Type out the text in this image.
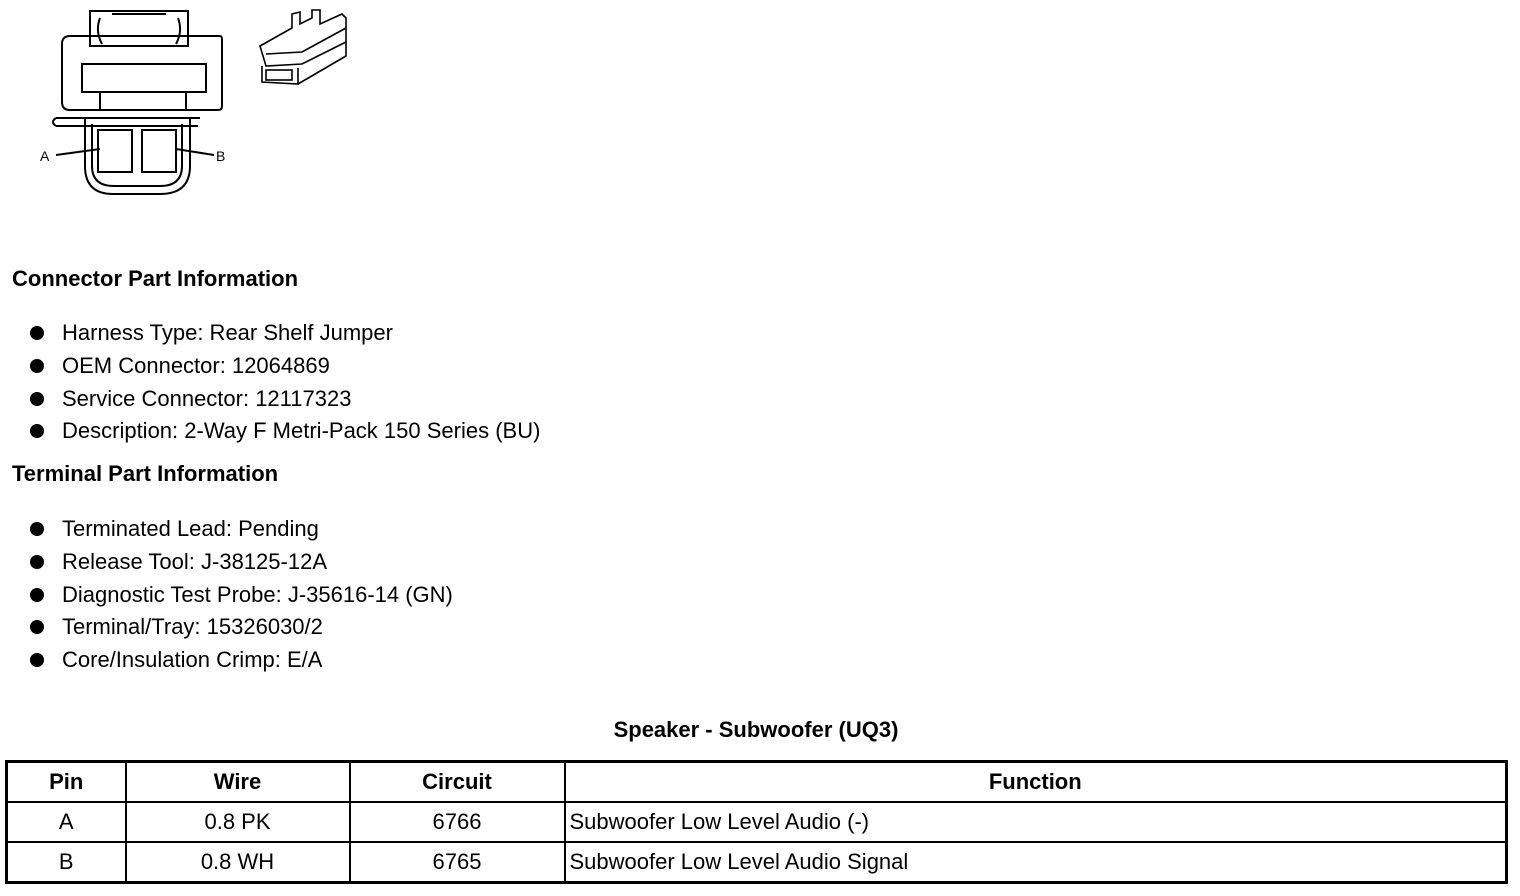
A	B
Connector Part Information
Harness Type: Rear Shelf Jumper
OEM Connector: 12064869
Service Connector: 12117323
Description: 2-Way F Metri-Pack 150 Series (BU)
Terminal Part Information
Terminated Lead: Pending
Release Tool: J-38125-12A
Diagnostic Test Probe: J-35616-14 (GN)
Terminal/Tray: 15326030/2
Core/Insulation Crimp: E/A
Speaker - Subwoofer (UQ3)
Pin	Wire	Circuit	Function
A	0.8 PK	6766	Subwoofer Low Level Audio (-)
B	0.8 WH	6765	Subwoofer Low Level Audio Signal
